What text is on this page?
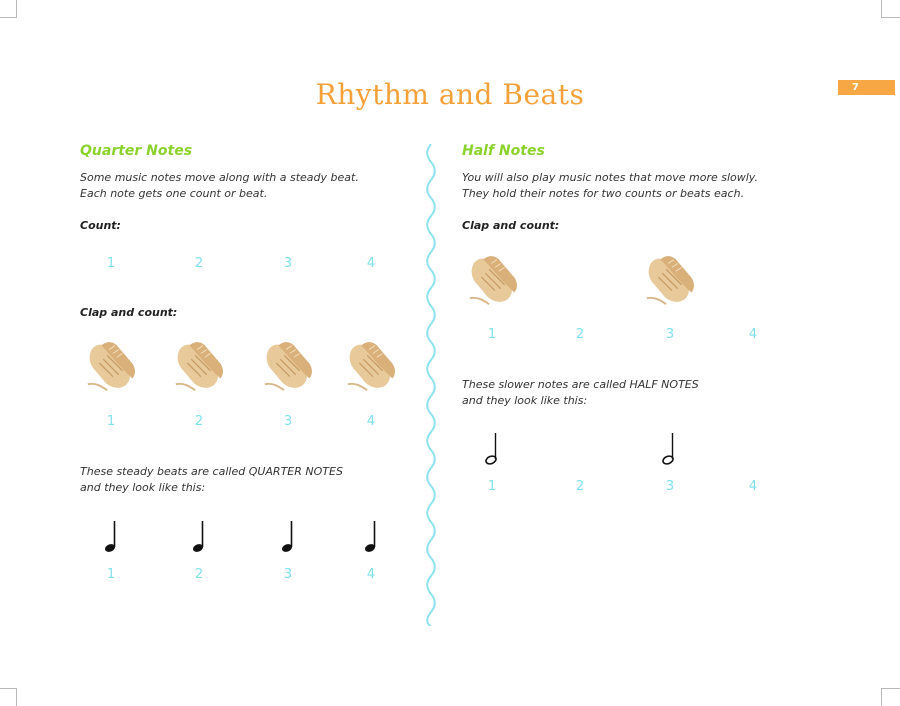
Rhythm and Beats	7
Quarter Notes
Some music notes move along with a steady beat.
Each note gets one count or beat.
Count:
1	2	3	4
Clap and count:
1	2	3	4
These steady beats are called QUARTER NOTES
and they look like this:
1	2	3	4
Half Notes
You will also play music notes that move more slowly.
They hold their notes for two counts or beats each.
Clap and count:
1	2	3	4
These slower notes are called HALF NOTES
and they look like this:
1	2	3	4
